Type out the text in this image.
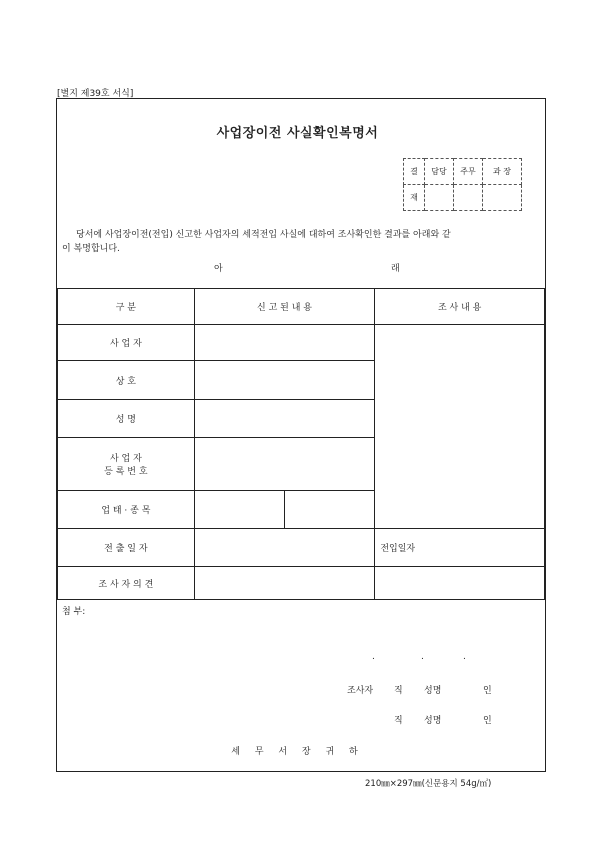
[별지 제39호 서식]
사업장이전 사실확인복명서
결	담당	주무	과 장
재			
당서에 사업장이전(전입) 신고한 사업자의 세적전입 사실에 대하여 조사확인한 결과를 아래와 같
이 복명합니다.
아	래
구 분	신 고 된 내 용		조 사 내 용
사 업 자			
상 호			
성 명			

사 업 자
등 록 번 호			

업 태 · 종 목			
전 출 일 자			전입일자
조 사 자 의 견			
첨 부:
.	.	.
조사자 직 성명	인
직 성명	인
세 무 서 장 귀 하
210㎜×297㎜(신문용지 54g/㎡)
